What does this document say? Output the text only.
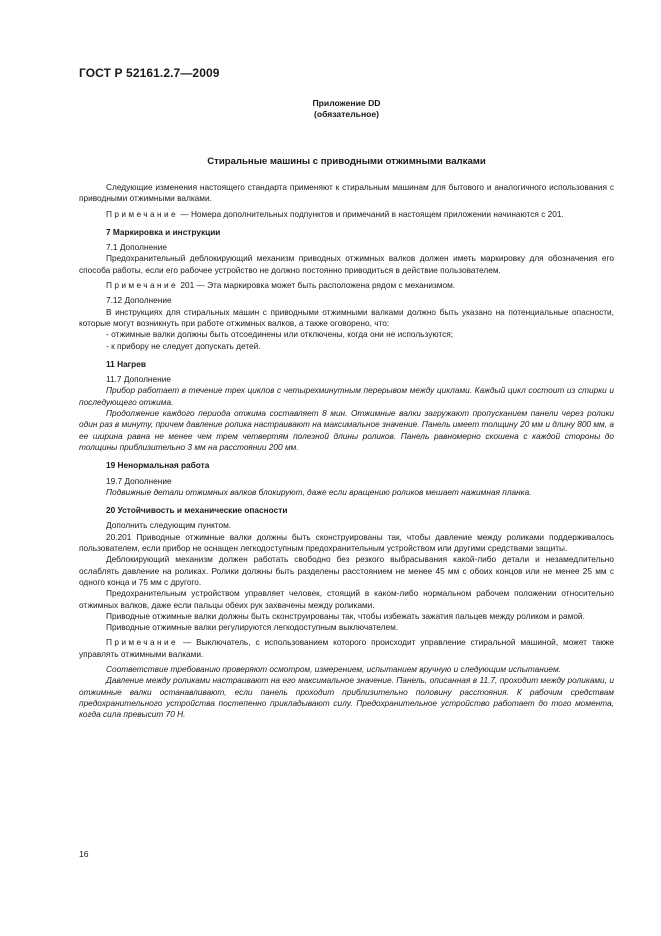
ГОСТ Р 52161.2.7—2009
Приложение DD
(обязательное)
Стиральные машины с приводными отжимными валками

Следующие изменения настоящего стандарта применяют к стиральным машинам для бытового и аналогичного использования с приводными отжимными валками.

Примечание — Номера дополнительных подпунктов и примечаний в настоящем приложении начинаются с 201.

7 Маркировка и инструкции

7.1 Дополнение

Предохранительный деблокирующий механизм приводных отжимных валков должен иметь маркировку для обозначения его способа работы, если его рабочее устройство не должно постоянно приводиться в действие пользователем.

Примечание 201 — Эта маркировка может быть расположена рядом с механизмом.

7.12 Дополнение

В инструкциях для стиральных машин с приводными отжимными валками должно быть указано на потенциальные опасности, которые могут возникнуть при работе отжимных валков, а также оговорено, что:

- отжимные валки должны быть отсоединены или отключены, когда они не используются;

- к прибору не следует допускать детей.

11 Нагрев

11.7 Дополнение

Прибор работает в течение трех циклов с четырехминутным перерывом между циклами. Каждый цикл состоит из стирки и последующего отжима.

Продолжение каждого периода отжима составляет 8 мин. Отжимные валки загружают пропусканием панели через ролики один раз в минуту, причем давление ролика настраивают на максимальное значение. Панель имеет толщину 20 мм и длину 800 мм, а ее ширина равна не менее чем трем четвертям полезной длины роликов. Панель равномерно скошена с каждой стороны до толщины приблизительно 3 мм на расстоянии 200 мм.

19 Ненормальная работа

19.7 Дополнение

Подвижные детали отжимных валков блокируют, даже если вращению роликов мешает нажимная планка.

20 Устойчивость и механические опасности

Дополнить следующим пунктом.

20.201 Приводные отжимные валки должны быть сконструированы так, чтобы давление между роликами поддерживалось пользователем, если прибор не оснащен легкодоступным предохранительным устройством или другими средствами защиты.

Деблокирующий механизм должен работать свободно без резкого выбрасывания какой-либо детали и незамедлительно ослаблять давление на роликах. Ролики должны быть разделены расстоянием не менее 45 мм с обоих концов или не менее 25 мм с одного конца и 75 мм с другого.

Предохранительным устройством управляет человек, стоящий в каком-либо нормальном рабочем положении относительно отжимных валков, даже если пальцы обеих рук захвачены между роликами.

Приводные отжимные валки должны быть сконструированы так, чтобы избежать зажатия пальцев между роликом и рамой.

Приводные отжимные валки регулируются легкодоступным выключателем.

Примечание — Выключатель, с использованием которого происходит управление стиральной машиной, может также управлять отжимными валками.

Соответствие требованию проверяют осмотром, измерением, испытанием вручную и следующим испытанием.

Давление между роликами настраивают на его максимальное значение. Панель, описанная в 11.7, проходит между роликами, и отжимные валки останавливают, если панель проходит приблизительно половину расстояния. К рабочим средствам предохранительного устройства постепенно прикладывают силу. Предохранительное устройство работает до того момента, когда сила превысит 70 Н.

16
